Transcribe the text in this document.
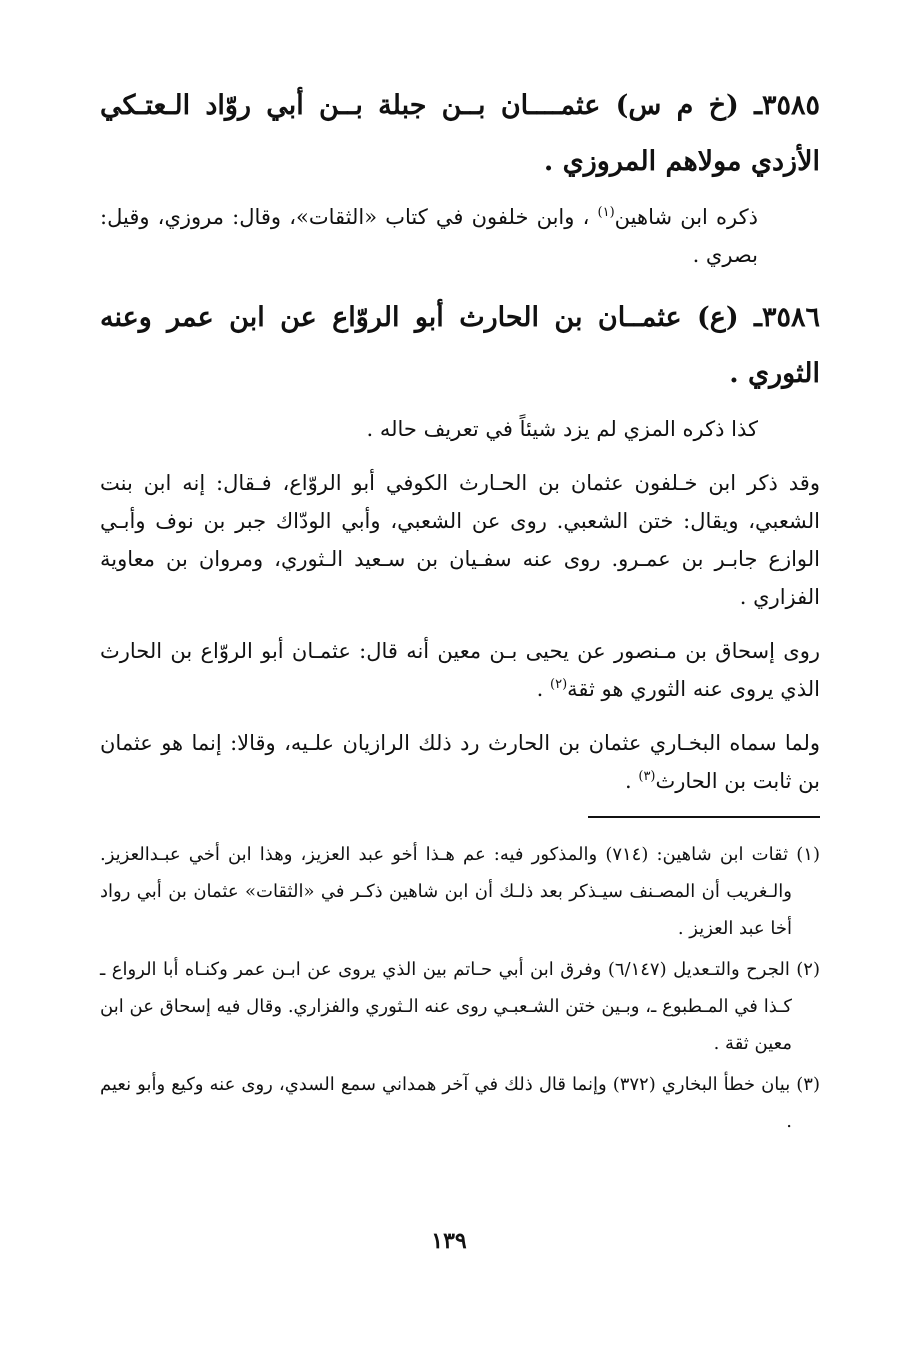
٣٥٨٥ـ (خ م س) عثمــــان بــن جبلة بــن أبي روّاد الـعتـكي الأزدي مولاهم المروزي .

ذكره ابن شاهين$^{(١)}$ ، وابن خلفون في كتاب «الثقات»، وقال: مروزي، وقيل: بصري .

٣٥٨٦ـ (ع) عثمــان بن الحارث أبو الروّاع عن ابن عمر وعنه الثوري .

كذا ذكره المزي لم يزد شيئاً في تعريف حاله .

وقد ذكر ابن خـلفون عثمان بن الحـارث الكوفي أبو الروّاع، فـقال: إنه ابن بنت الشعبي، ويقال: ختن الشعبي. روى عن الشعبي، وأبي الودّاك جبر بن نوف وأبـي الوازع جابـر بن عمـرو. روى عنه سفـيان بن سـعيد الـثوري، ومروان بن معاوية الفزاري .

روى إسحاق بن مـنصور عن يحيى بـن معين أنه قال: عثمـان أبو الروّاع بن الحارث الذي يروى عنه الثوري هو ثقة$^{(٢)}$ .

ولما سماه البخـاري عثمان بن الحارث رد ذلك الرازيان علـيه، وقالا: إنما هو عثمان بن ثابت بن الحارث$^{(٣)}$ .

(١) ثقات ابن شاهين: (٧١٤) والمذكور فيه: عم هـذا أخو عبد العزيز، وهذا ابن أخي عبـدالعزيز. والـغريب أن المصـنف سيـذكر بعد ذلـك أن ابن شاهين ذكـر في «الثقات» عثمان بن أبي رواد أخا عبد العزيز .

(٢) الجرح والتـعديل (٦/١٤٧) وفرق ابن أبي حـاتم بين الذي يروى عن ابـن عمر وكنـاه أبا الرواع ـ كـذا في المـطبوع ـ، وبـين ختن الشـعبـي روى عنه الـثوري والفزاري. وقال فيه إسحاق عن ابن معين ثقة .

(٣) بيان خطأ البخاري (٣٧٢) وإنما قال ذلك في آخر همداني سمع السدي، روى عنه وكيع وأبو نعيم .

١٣٩
